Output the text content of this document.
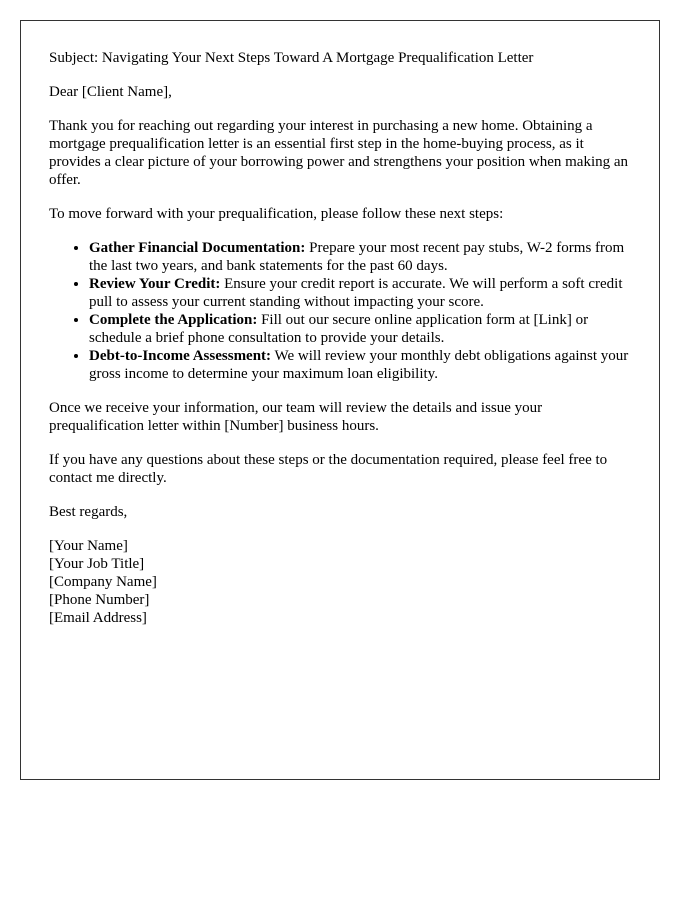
Subject: Navigating Your Next Steps Toward A Mortgage Prequalification Letter

Dear [Client Name],

Thank you for reaching out regarding your interest in purchasing a new home. Obtaining a mortgage prequalification letter is an essential first step in the home-buying process, as it provides a clear picture of your borrowing power and strengthens your position when making an offer.

To move forward with your prequalification, please follow these next steps:

• Gather Financial Documentation: Prepare your most recent pay stubs, W-2 forms from the last two years, and bank statements for the past 60 days.
• Review Your Credit: Ensure your credit report is accurate. We will perform a soft credit pull to assess your current standing without impacting your score.
• Complete the Application: Fill out our secure online application form at [Link] or schedule a brief phone consultation to provide your details.
• Debt-to-Income Assessment: We will review your monthly debt obligations against your gross income to determine your maximum loan eligibility.

Once we receive your information, our team will review the details and issue your prequalification letter within [Number] business hours.

If you have any questions about these steps or the documentation required, please feel free to contact me directly.

Best regards,

[Your Name]
[Your Job Title]
[Company Name]
[Phone Number]
[Email Address]
